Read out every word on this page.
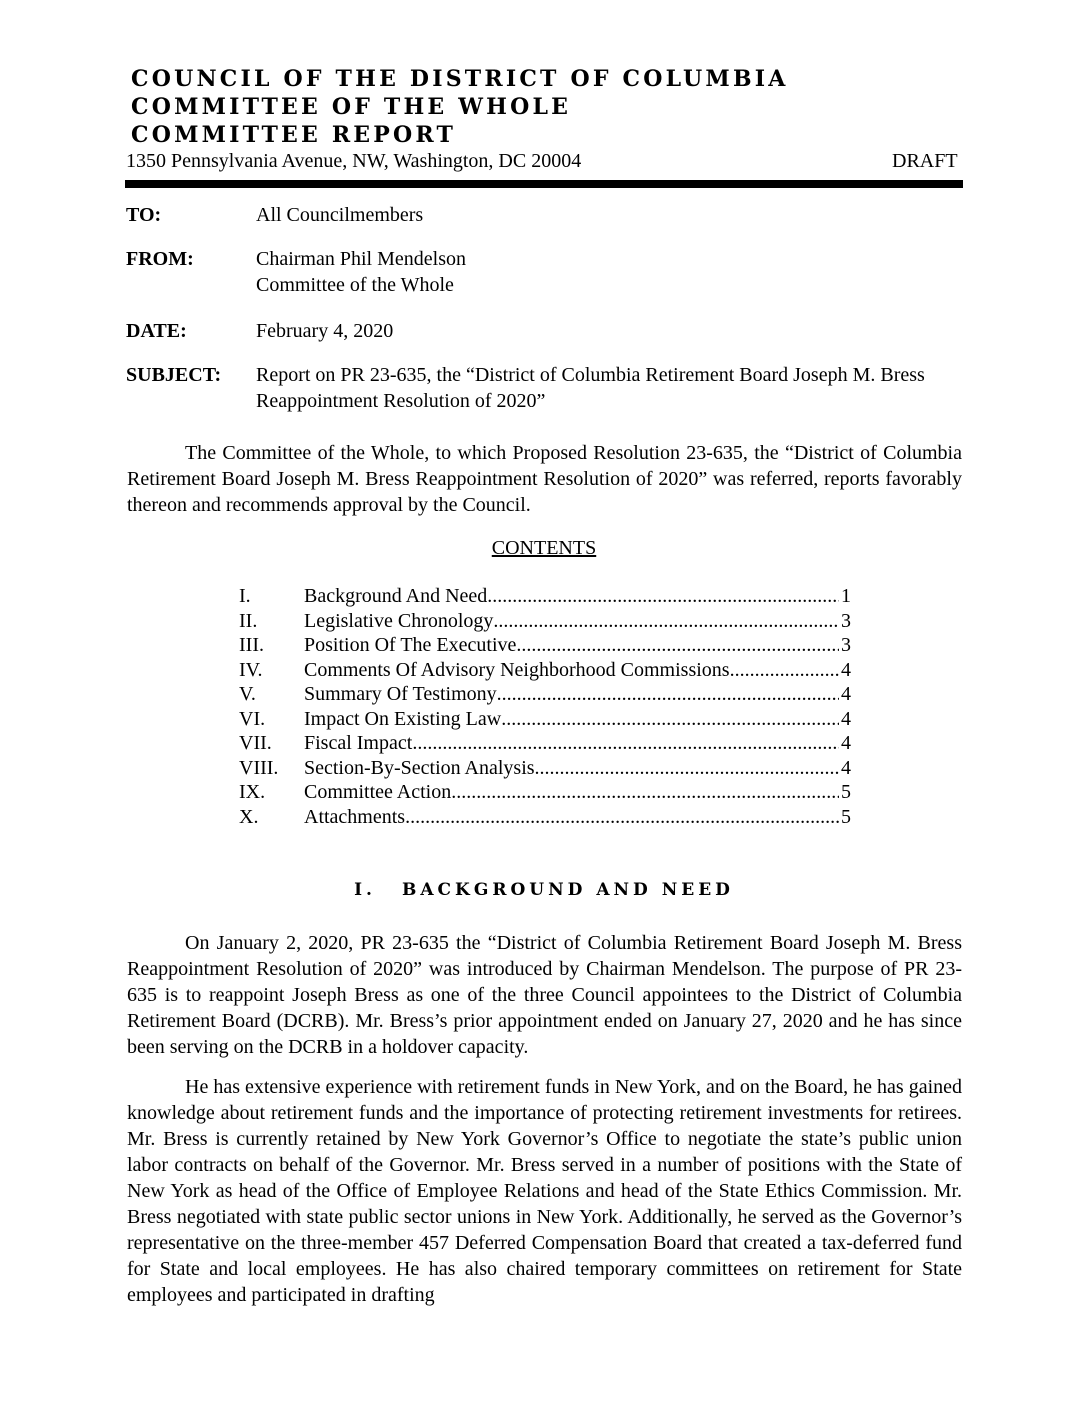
COUNCIL OF THE DISTRICT OF COLUMBIA
COMMITTEE OF THE WHOLE
COMMITTEE REPORT
1350 Pennsylvania Avenue, NW, Washington, DC 20004	DRAFT
TO:	All Councilmembers
FROM:	Chairman Phil Mendelson
Committee of the Whole
DATE:	February 4, 2020
SUBJECT: Report on PR 23-635, the “District of Columbia Retirement Board Joseph M. Bress Reappointment Resolution of 2020”
The Committee of the Whole, to which Proposed Resolution 23-635, the “District of Columbia Retirement Board Joseph M. Bress Reappointment Resolution of 2020” was referred, reports favorably thereon and recommends approval by the Council.
CONTENTS
I.	Background And Need .....	1
II.	Legislative Chronology .....	3
III.	Position Of The Executive .....	3
IV.	Comments Of Advisory Neighborhood Commissions .....	4
V.	Summary Of Testimony .....	4
VI.	Impact On Existing Law .....	4
VII.	Fiscal Impact .....	4
VIII.	Section-By-Section Analysis .....	4
IX.	Committee Action .....	5
X.	Attachments .....	5
I. BACKGROUND AND NEED
On January 2, 2020, PR 23-635 the “District of Columbia Retirement Board Joseph M. Bress Reappointment Resolution of 2020” was introduced by Chairman Mendelson. The purpose of PR 23-635 is to reappoint Joseph Bress as one of the three Council appointees to the District of Columbia Retirement Board (DCRB). Mr. Bress’s prior appointment ended on January 27, 2020 and he has since been serving on the DCRB in a holdover capacity.
He has extensive experience with retirement funds in New York, and on the Board, he has gained knowledge about retirement funds and the importance of protecting retirement investments for retirees. Mr. Bress is currently retained by New York Governor’s Office to negotiate the state’s public union labor contracts on behalf of the Governor. Mr. Bress served in a number of positions with the State of New York as head of the Office of Employee Relations and head of the State Ethics Commission. Mr. Bress negotiated with state public sector unions in New York. Additionally, he served as the Governor’s representative on the three-member 457 Deferred Compensation Board that created a tax-deferred fund for State and local employees. He has also chaired temporary committees on retirement for State employees and participated in drafting
